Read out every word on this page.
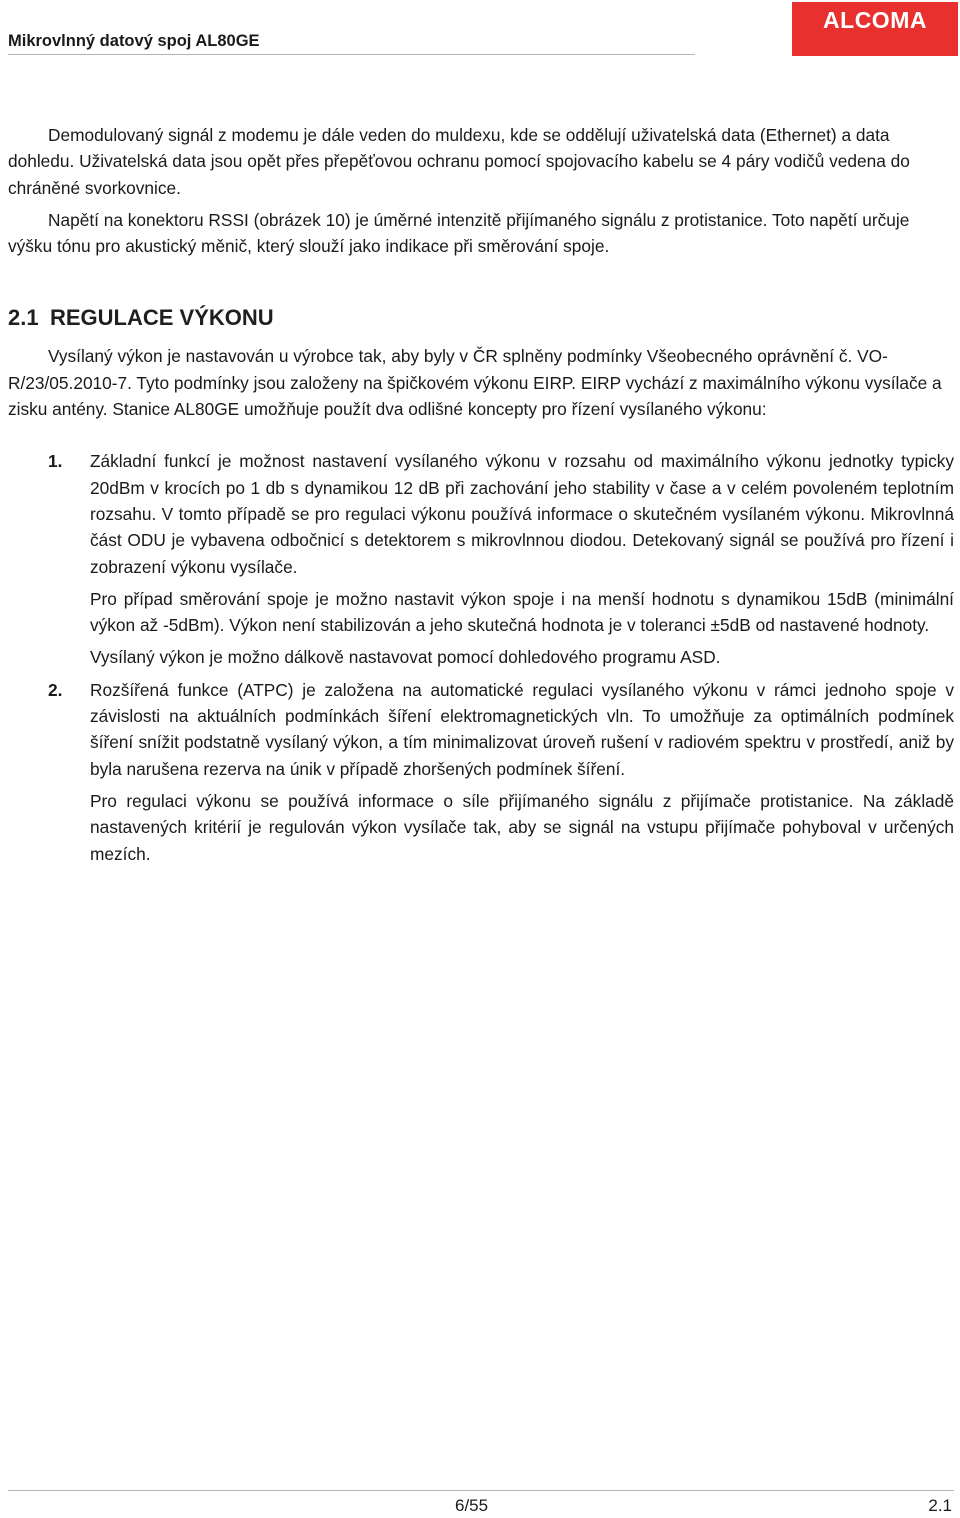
Mikrovlnný datový spoj AL80GE
ALCOMA

Demodulovaný signál z modemu je dále veden do muldexu, kde se oddělují uživatelská data (Ethernet) a data dohledu. Uživatelská data jsou opět přes přepěťovou ochranu pomocí spojovacího kabelu se 4 páry vodičů vedena do chráněné svorkovnice.

Napětí na konektoru RSSI (obrázek 10) je úměrné intenzitě přijímaného signálu z protistanice. Toto napětí určuje výšku tónu pro akustický měnič, který slouží jako indikace při směrování spoje.

2.1 REGULACE VÝKONU

Vysílaný výkon je nastavován u výrobce tak, aby byly v ČR splněny podmínky Všeobecného oprávnění č. VO-R/23/05.2010-7. Tyto podmínky jsou založeny na špičkovém výkonu EIRP. EIRP vychází z maximálního výkonu vysílače a zisku antény. Stanice AL80GE umožňuje použít dva odlišné koncepty pro řízení vysílaného výkonu:

1. Základní funkcí je možnost nastavení vysílaného výkonu v rozsahu od maximálního výkonu jednotky typicky 20dBm v krocích po 1 db s dynamikou 12 dB při zachování jeho stability v čase a v celém povoleném teplotním rozsahu. V tomto případě se pro regulaci výkonu používá informace o skutečném vysílaném výkonu. Mikrovlnná část ODU je vybavena odbočnicí s detektorem s mikrovlnnou diodou. Detekovaný signál se používá pro řízení i zobrazení výkonu vysílače.

Pro případ směrování spoje je možno nastavit výkon spoje i na menší hodnotu s dynamikou 15dB (minimální výkon až -5dBm). Výkon není stabilizován a jeho skutečná hodnota je v toleranci ±5dB od nastavené hodnoty.

Vysílaný výkon je možno dálkově nastavovat pomocí dohledového programu ASD.

2. Rozšířená funkce (ATPC) je založena na automatické regulaci vysílaného výkonu v rámci jednoho spoje v závislosti na aktuálních podmínkách šíření elektromagnetických vln. To umožňuje za optimálních podmínek šíření snížit podstatně vysílaný výkon, a tím minimalizovat úroveň rušení v radiovém spektru v prostředí, aniž by byla narušena rezerva na únik v případě zhoršených podmínek šíření.

Pro regulaci výkonu se používá informace o síle přijímaného signálu z přijímače protistanice. Na základě nastavených kritérií je regulován výkon vysílače tak, aby se signál na vstupu přijímače pohyboval v určených mezích.

6/55	2.1
